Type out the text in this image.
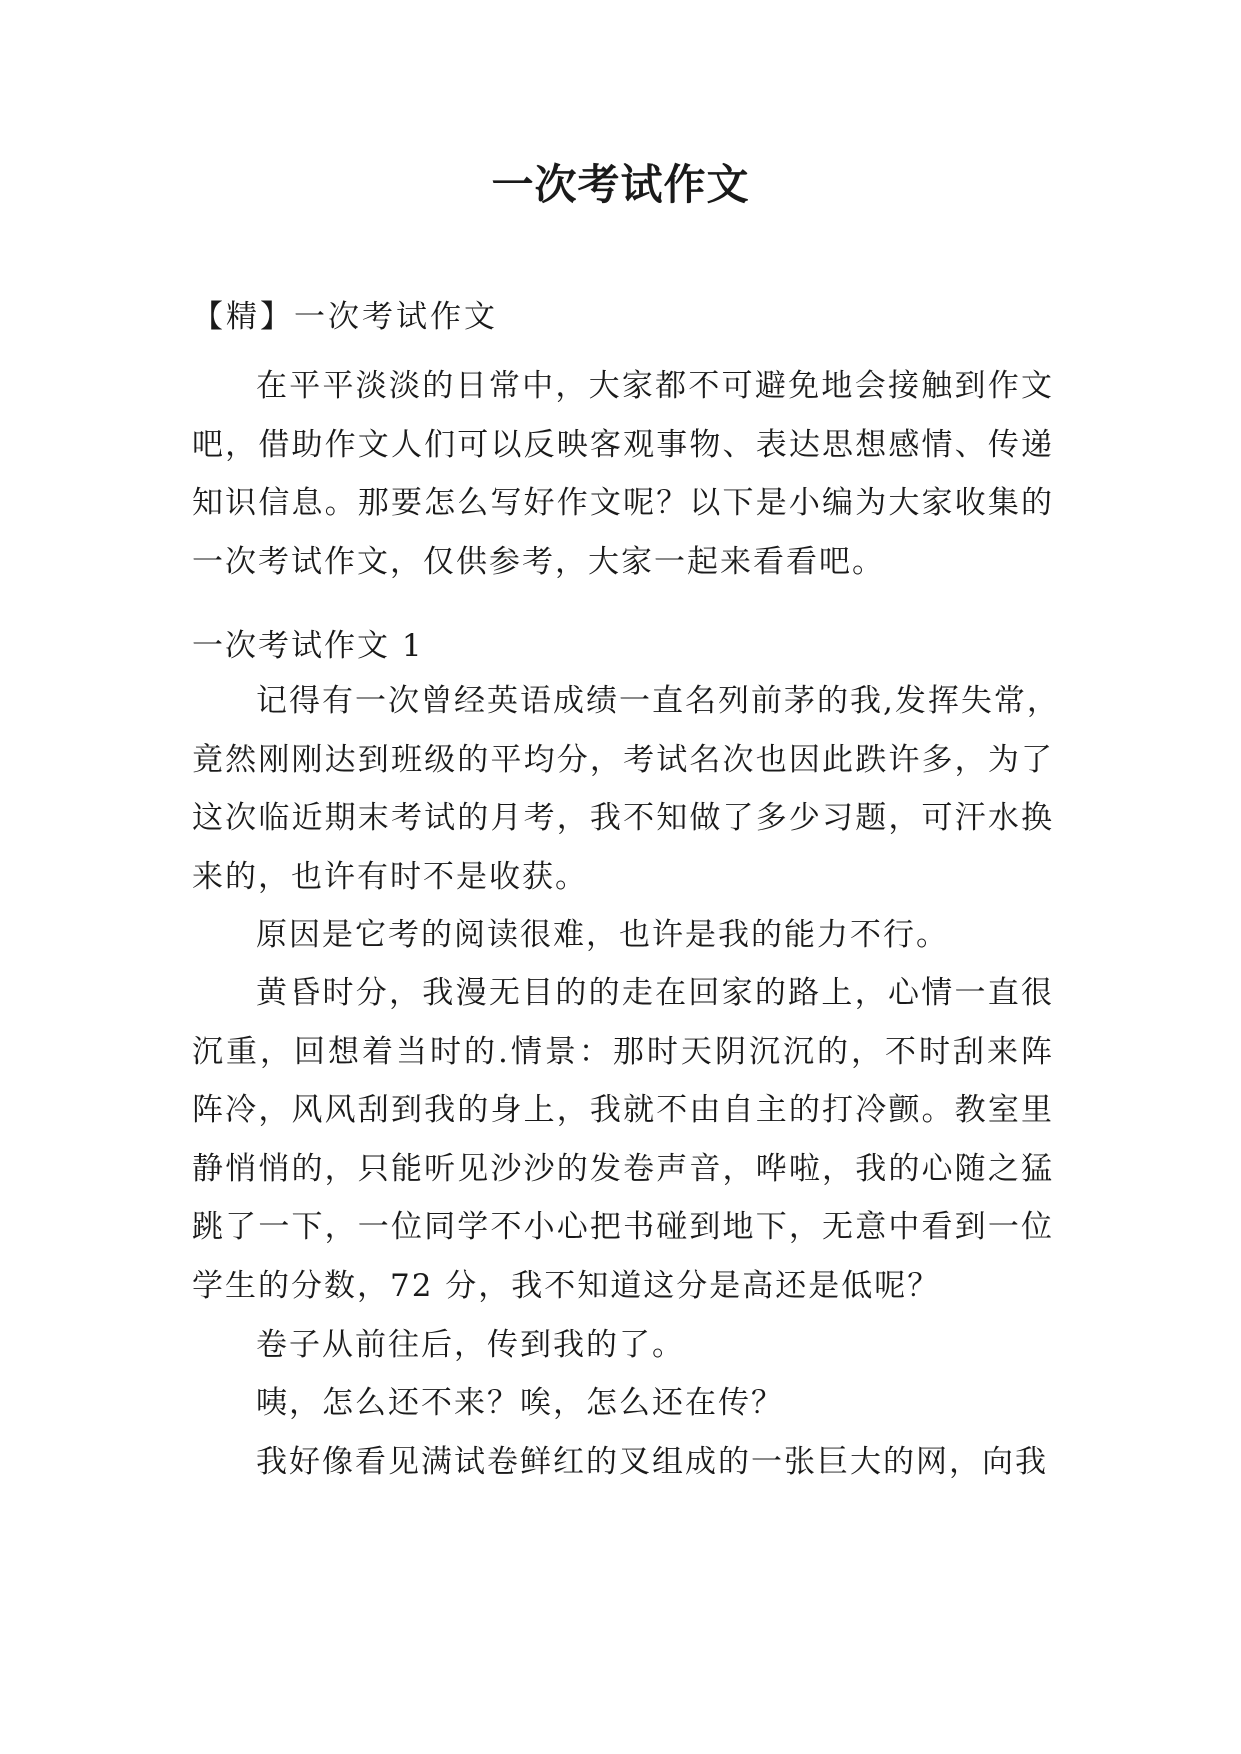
一次考试作文

【精】一次考试作文

在平平淡淡的日常中，大家都不可避免地会接触到作文
吧，借助作文人们可以反映客观事物、表达思想感情、传递
知识信息。那要怎么写好作文呢？以下是小编为大家收集的
一次考试作文，仅供参考，大家一起来看看吧。
一次考试作文 1
记得有一次曾经英语成绩一直名列前茅的我,发挥失常，
竟然刚刚达到班级的平均分，考试名次也因此跌许多，为了
这次临近期末考试的月考，我不知做了多少习题，可汗水换
来的，也许有时不是收获。
原因是它考的阅读很难，也许是我的能力不行。
黄昏时分，我漫无目的的走在回家的路上，心情一直很
沉重，回想着当时的.情景：那时天阴沉沉的，不时刮来阵
阵冷，风风刮到我的身上，我就不由自主的打冷颤。教室里
静悄悄的，只能听见沙沙的发卷声音，哗啦，我的心随之猛
跳了一下，一位同学不小心把书碰到地下，无意中看到一位
学生的分数，72 分，我不知道这分是高还是低呢？
卷子从前往后，传到我的了。
咦，怎么还不来？唉，怎么还在传？
我好像看见满试卷鲜红的叉组成的一张巨大的网，向我
